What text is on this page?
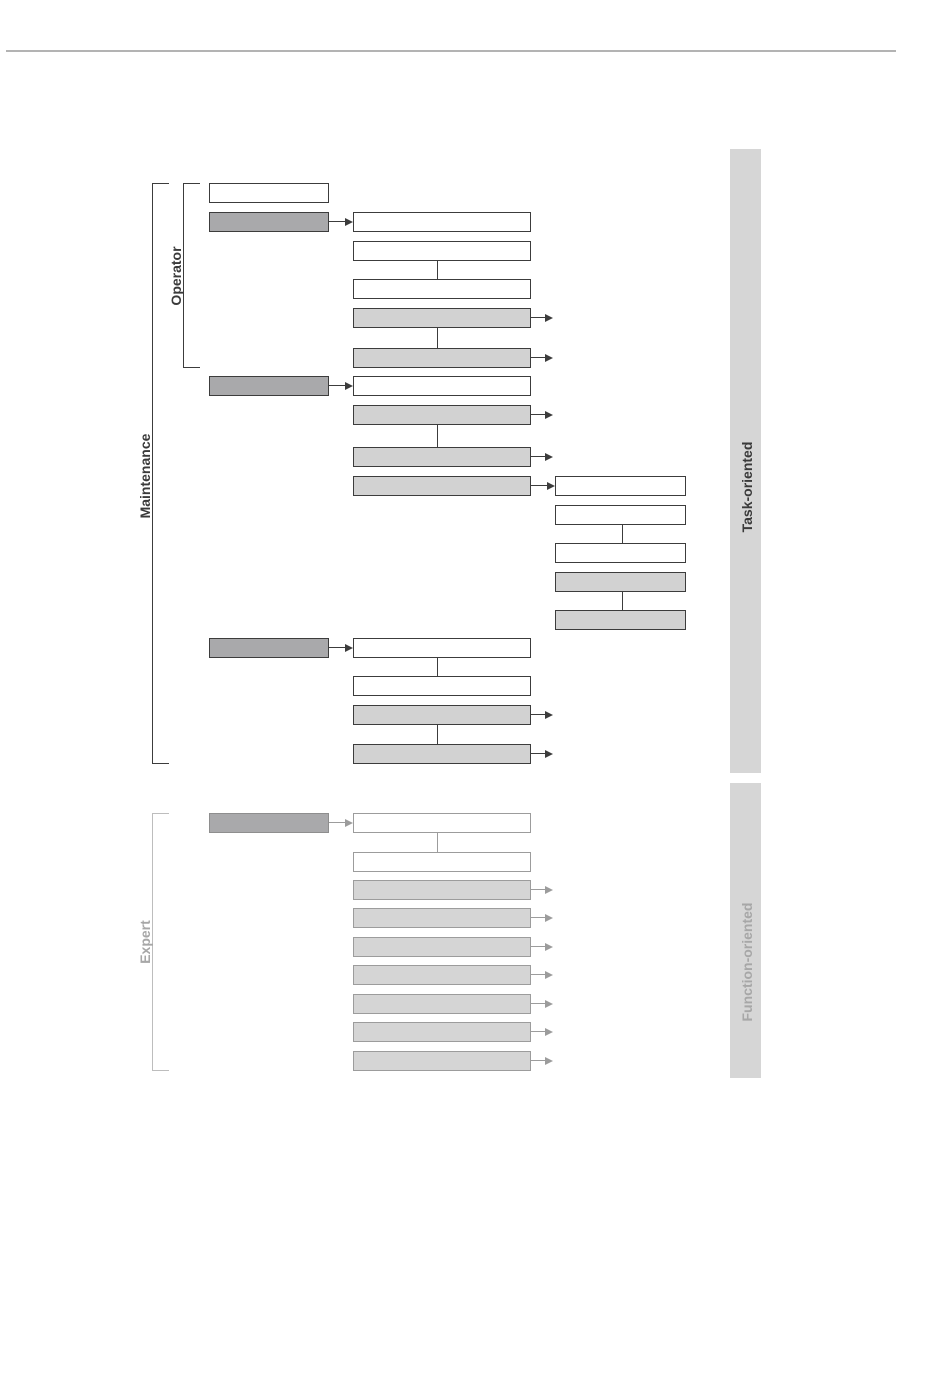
Task-oriented
Function-oriented
Maintenance
Operator
Expert
